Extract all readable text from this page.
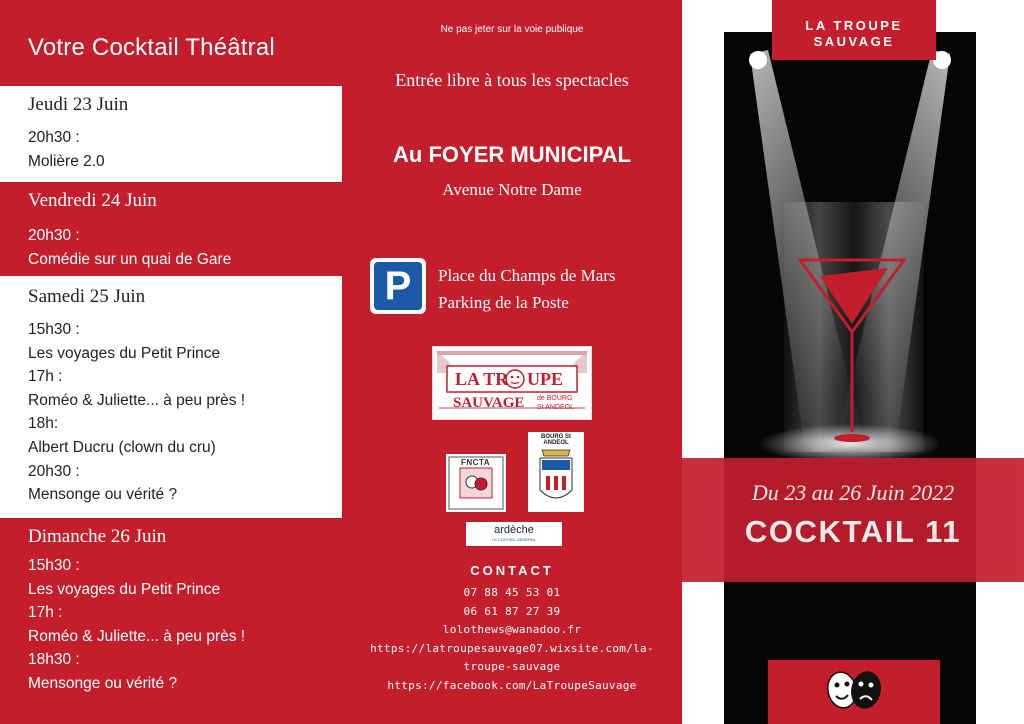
Votre Cocktail Théâtral

Jeudi 23 Juin

20h30 :
Molière 2.0

Vendredi 24 Juin

20h30 :
Comédie sur un quai de Gare

Samedi 25 Juin

15h30 :
Les voyages du Petit Prince
17h :
Roméo & Juliette... à peu près !
18h:
Albert Ducru (clown du cru)
20h30 :
Mensonge ou vérité ?

Dimanche 26 Juin

15h30 :
Les voyages du Petit Prince
17h :
Roméo & Juliette... à peu près !
18h30 :
Mensonge ou vérité ?
Ne pas jeter sur la voie publique
Entrée libre à tous les spectacles
Au FOYER MUNICIPAL
Avenue Notre Dame
P	Place du Champs de Mars
Parking de la Poste
LA TR UPE
SAUVAGE de BOURG
St ANDEOL
FNCTA
BOURG St ANDEOL
ardèche
LE CONSEIL GÉNÉRAL
CONTACT
07 88 45 53 01
06 61 87 27 39
lolothews@wanadoo.fr
https://latroupesauvage07.wixsite.com/la-
troupe-sauvage
https://facebook.com/LaTroupeSauvage
LA TROUPE
SAUVAGE
Du 23 au 26 Juin 2022
COCKTAIL 11
